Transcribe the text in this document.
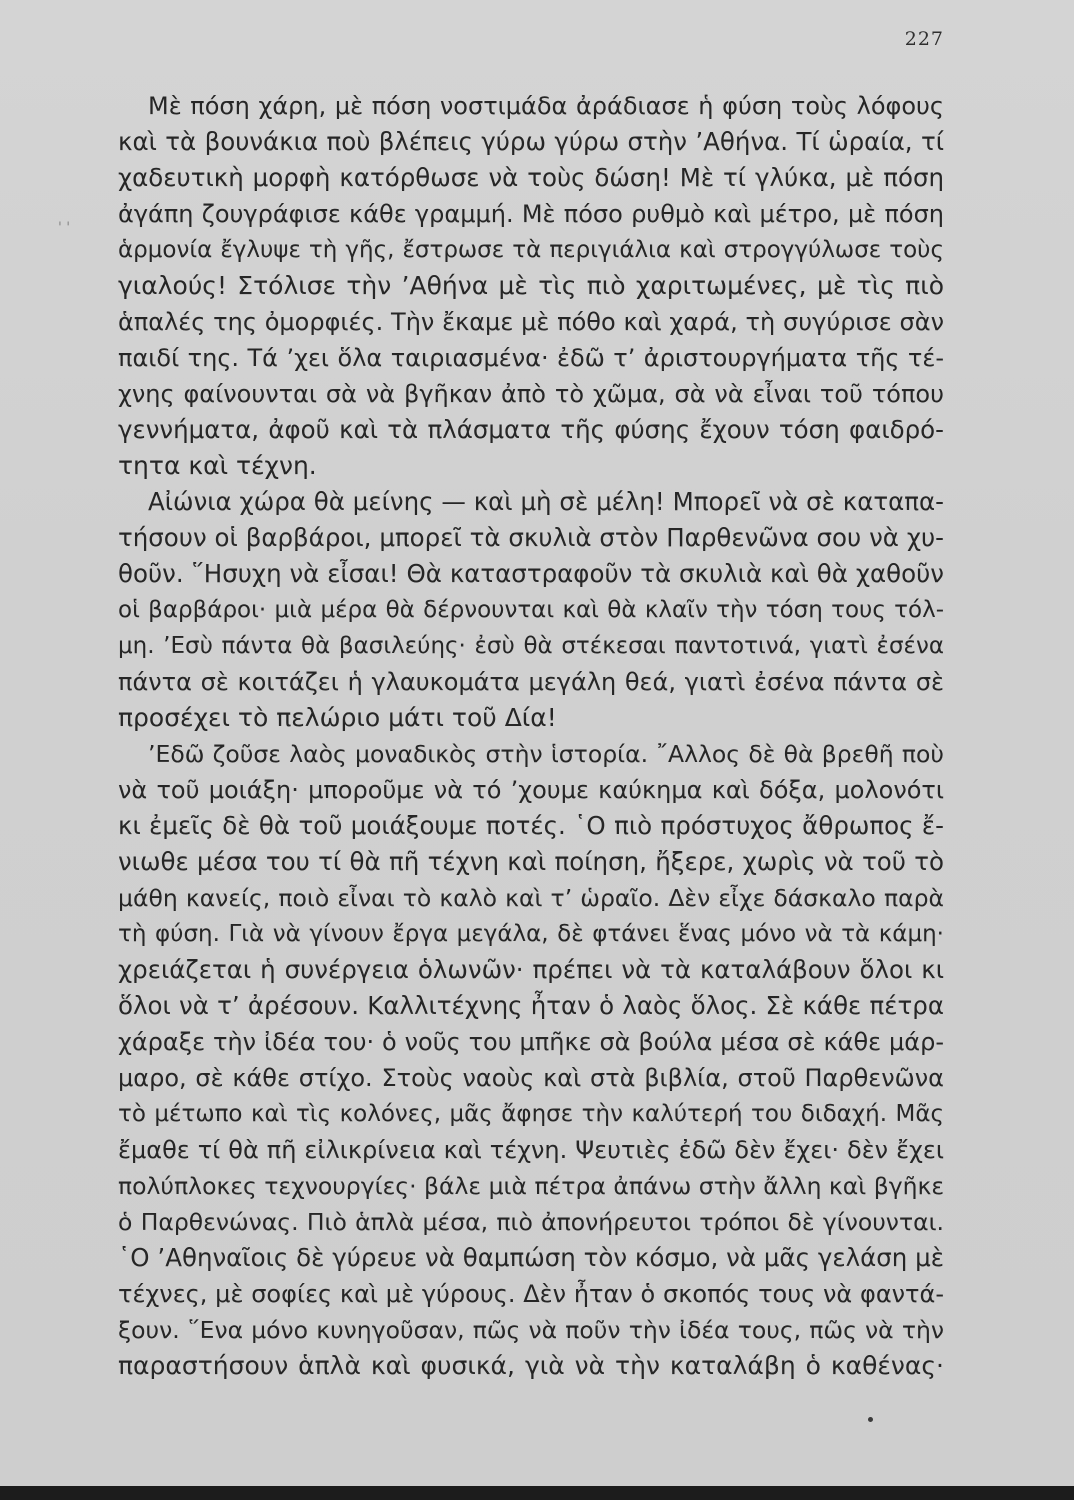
227
' '
Μὲ πόση χάρη, μὲ πόση νοστιμάδα ἀράδιασε ἡ φύση τοὺς λόφους
καὶ τὰ βουνάκια ποὺ βλέπεις γύρω γύρω στὴν ’Αθήνα. Τί ὡραία, τί
χαδευτικὴ μορφὴ κατόρθωσε νὰ τοὺς δώση! Μὲ τί γλύκα, μὲ πόση
ἀγάπη ζουγράφισε κάθε γραμμή. Μὲ πόσο ρυθμὸ καὶ μέτρο, μὲ πόση
ἁρμονία ἔγλυψε τὴ γῆς, ἔστρωσε τὰ περιγιάλια καὶ στρογγύλωσε τοὺς
γιαλούς! Στόλισε τὴν ’Αθήνα μὲ τὶς πιὸ χαριτωμένες, μὲ τὶς πιὸ
ἁπαλές της ὀμορφιές. Τὴν ἔκαμε μὲ πόθο καὶ χαρά, τὴ συγύρισε σὰν
παιδί της. Τά ’χει ὅλα ταιριασμένα· ἐδῶ τ’ ἀριστουργήματα τῆς τέ-
χνης φαίνουνται σὰ νὰ βγῆκαν ἀπὸ τὸ χῶμα, σὰ νὰ εἶναι τοῦ τόπου
γεννήματα, ἀφοῦ καὶ τὰ πλάσματα τῆς φύσης ἔχουν τόση φαιδρό-
τητα καὶ τέχνη.
Αἰώνια χώρα θὰ μείνης — καὶ μὴ σὲ μέλη! Μπορεῖ νὰ σὲ καταπα-
τήσουν οἱ βαρβάροι, μπορεῖ τὰ σκυλιὰ στὸν Παρθενῶνα σου νὰ χυ-
θοῦν. ῞Ησυχη νὰ εἶσαι! Θὰ καταστραφοῦν τὰ σκυλιὰ καὶ θὰ χαθοῦν
οἱ βαρβάροι· μιὰ μέρα θὰ δέρνουνται καὶ θὰ κλαῖν τὴν τόση τους τόλ-
μη. ’Εσὺ πάντα θὰ βασιλεύης· ἐσὺ θὰ στέκεσαι παντοτινά, γιατὶ ἐσένα
πάντα σὲ κοιτάζει ἡ γλαυκομάτα μεγάλη θεά, γιατὶ ἐσένα πάντα σὲ
προσέχει τὸ πελώριο μάτι τοῦ Δία!
’Εδῶ ζοῦσε λαὸς μοναδικὸς στὴν ἱστορία. ῎Αλλος δὲ θὰ βρεθῆ ποὺ
νὰ τοῦ μοιάξη· μποροῦμε νὰ τό ’χουμε καύκημα καὶ δόξα, μολονότι
κι ἐμεῖς δὲ θὰ τοῦ μοιάξουμε ποτές. ῾Ο πιὸ πρόστυχος ἄθρωπος ἔ-
νιωθε μέσα του τί θὰ πῆ τέχνη καὶ ποίηση, ἤξερε, χωρὶς νὰ τοῦ τὸ
μάθη κανείς, ποιὸ εἶναι τὸ καλὸ καὶ τ’ ὡραῖο. Δὲν εἶχε δάσκαλο παρὰ
τὴ φύση. Γιὰ νὰ γίνουν ἔργα μεγάλα, δὲ φτάνει ἕνας μόνο νὰ τὰ κάμη·
χρειάζεται ἡ συνέργεια ὁλωνῶν· πρέπει νὰ τὰ καταλάβουν ὅλοι κι
ὅλοι νὰ τ’ ἀρέσουν. Καλλιτέχνης ἦταν ὁ λαὸς ὅλος. Σὲ κάθε πέτρα
χάραξε τὴν ἰδέα του· ὁ νοῦς του μπῆκε σὰ βούλα μέσα σὲ κάθε μάρ-
μαρο, σὲ κάθε στίχο. Στοὺς ναοὺς καὶ στὰ βιβλία, στοῦ Παρθενῶνα
τὸ μέτωπο καὶ τὶς κολόνες, μᾶς ἄφησε τὴν καλύτερή του διδαχή. Μᾶς
ἔμαθε τί θὰ πῆ εἰλικρίνεια καὶ τέχνη. Ψευτιὲς ἐδῶ δὲν ἔχει· δὲν ἔχει
πολύπλοκες τεχνουργίες· βάλε μιὰ πέτρα ἀπάνω στὴν ἄλλη καὶ βγῆκε
ὁ Παρθενώνας. Πιὸ ἁπλὰ μέσα, πιὸ ἀπονήρευτοι τρόποι δὲ γίνουνται.
῾Ο ’Αθηναῖοις δὲ γύρευε νὰ θαμπώση τὸν κόσμο, νὰ μᾶς γελάση μὲ
τέχνες, μὲ σοφίες καὶ μὲ γύρους. Δὲν ἦταν ὁ σκοπός τους νὰ φαντά-
ξουν. ῞Ενα μόνο κυνηγοῦσαν, πῶς νὰ ποῦν τὴν ἰδέα τους, πῶς νὰ τὴν
παραστήσουν ἁπλὰ καὶ φυσικά, γιὰ νὰ τὴν καταλάβη ὁ καθένας·
